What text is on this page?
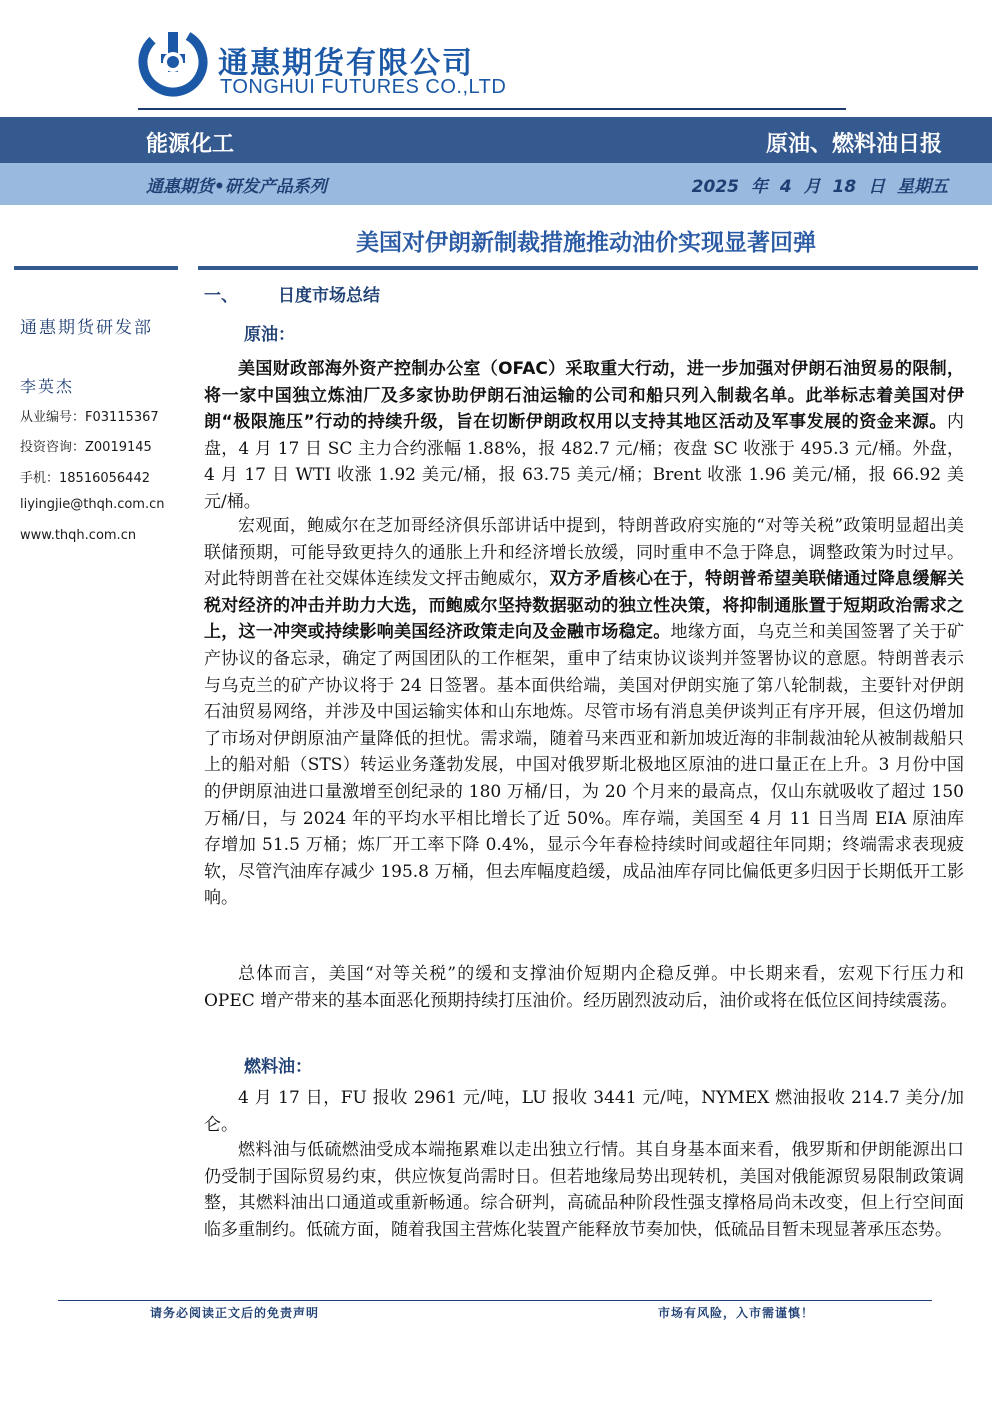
通惠期货有限公司
TONGHUI FUTURES CO.,LTD
能源化工	原油、燃料油日报
通惠期货•研发产品系列	2025 年 4 月 18 日 星期五
美国对伊朗新制裁措施推动油价实现显著回弹
通惠期货研发部
李英杰
从业编号：F03115367
投资咨询：Z0019145
手机：18516056442
liyingjie@thqh.com.cn
www.thqh.com.cn
一、 日度市场总结
原油：
美国财政部海外资产控制办公室（OFAC）采取重大行动，进一步加强对伊朗石油贸易的限制，将一家中国独立炼油厂及多家协助伊朗石油运输的公司和船只列入制裁名单。此举标志着美国对伊朗“极限施压”行动的持续升级，旨在切断伊朗政权用以支持其地区活动及军事发展的资金来源。内盘，4 月 17 日 SC 主力合约涨幅 1.88%，报 482.7 元/桶；夜盘 SC 收涨于 495.3 元/桶。外盘，4 月 17 日 WTI 收涨 1.92 美元/桶，报 63.75 美元/桶；Brent 收涨 1.96 美元/桶，报 66.92 美元/桶。
宏观面，鲍威尔在芝加哥经济俱乐部讲话中提到，特朗普政府实施的“对等关税”政策明显超出美联储预期，可能导致更持久的通胀上升和经济增长放缓，同时重申不急于降息，调整政策为时过早。对此特朗普在社交媒体连续发文抨击鲍威尔，双方矛盾核心在于，特朗普希望美联储通过降息缓解关税对经济的冲击并助力大选，而鲍威尔坚持数据驱动的独立性决策，将抑制通胀置于短期政治需求之上，这一冲突或持续影响美国经济政策走向及金融市场稳定。地缘方面，乌克兰和美国签署了关于矿产协议的备忘录，确定了两国团队的工作框架，重申了结束协议谈判并签署协议的意愿。特朗普表示与乌克兰的矿产协议将于 24 日签署。基本面供给端，美国对伊朗实施了第八轮制裁，主要针对伊朗石油贸易网络，并涉及中国运输实体和山东地炼。尽管市场有消息美伊谈判正有序开展，但这仍增加了市场对伊朗原油产量降低的担忧。需求端，随着马来西亚和新加坡近海的非制裁油轮从被制裁船只上的船对船（STS）转运业务蓬勃发展，中国对俄罗斯北极地区原油的进口量正在上升。3 月份中国的伊朗原油进口量激增至创纪录的 180 万桶/日，为 20 个月来的最高点，仅山东就吸收了超过 150 万桶/日，与 2024 年的平均水平相比增长了近 50%。库存端，美国至 4 月 11 日当周 EIA 原油库存增加 51.5 万桶；炼厂开工率下降 0.4%，显示今年春检持续时间或超往年同期；终端需求表现疲软，尽管汽油库存减少 195.8 万桶，但去库幅度趋缓，成品油库存同比偏低更多归因于长期低开工影响。
总体而言，美国“对等关税”的缓和支撑油价短期内企稳反弹。中长期来看，宏观下行压力和 OPEC 增产带来的基本面恶化预期持续打压油价。经历剧烈波动后，油价或将在低位区间持续震荡。
燃料油：
4 月 17 日，FU 报收 2961 元/吨，LU 报收 3441 元/吨，NYMEX 燃油报收 214.7 美分/加仑。
燃料油与低硫燃油受成本端拖累难以走出独立行情。其自身基本面来看，俄罗斯和伊朗能源出口仍受制于国际贸易约束，供应恢复尚需时日。但若地缘局势出现转机，美国对俄能源贸易限制政策调整，其燃料油出口通道或重新畅通。综合研判，高硫品种阶段性强支撑格局尚未改变，但上行空间面临多重制约。低硫方面，随着我国主营炼化装置产能释放节奏加快，低硫品目暂未现显著承压态势。
请务必阅读正文后的免责声明	市场有风险，入市需谨慎！
